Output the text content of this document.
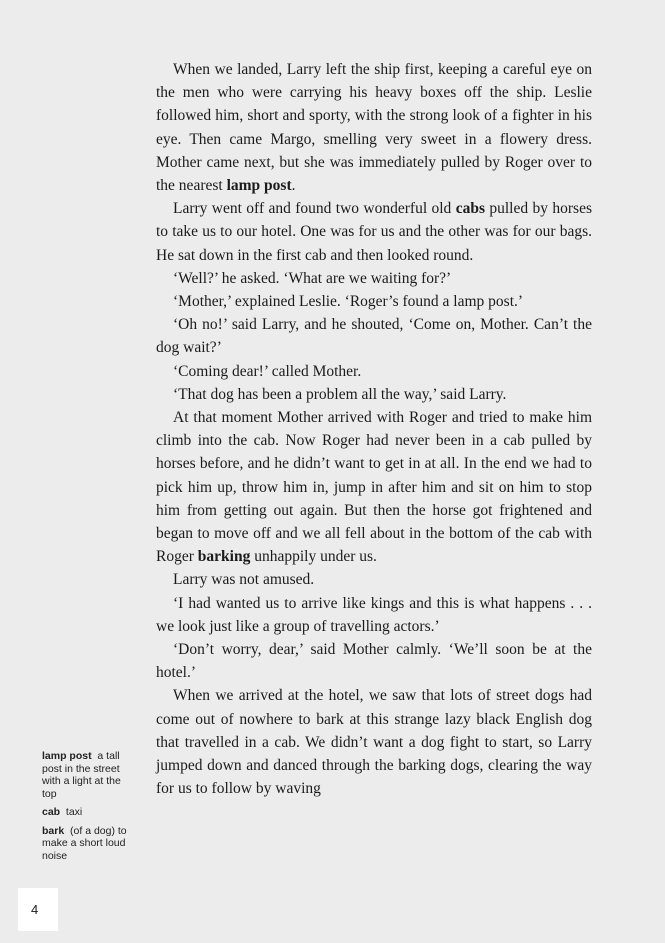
When we landed, Larry left the ship first, keeping a careful eye on the men who were carrying his heavy boxes off the ship. Leslie followed him, short and sporty, with the strong look of a fighter in his eye. Then came Margo, smelling very sweet in a flowery dress. Mother came next, but she was immediately pulled by Roger over to the nearest lamp post.

Larry went off and found two wonderful old cabs pulled by horses to take us to our hotel. One was for us and the other was for our bags. He sat down in the first cab and then looked round.

‘Well?’ he asked. ‘What are we waiting for?’

‘Mother,’ explained Leslie. ‘Roger’s found a lamp post.’

‘Oh no!’ said Larry, and he shouted, ‘Come on, Mother. Can’t the dog wait?’

‘Coming dear!’ called Mother.

‘That dog has been a problem all the way,’ said Larry.

At that moment Mother arrived with Roger and tried to make him climb into the cab. Now Roger had never been in a cab pulled by horses before, and he didn’t want to get in at all. In the end we had to pick him up, throw him in, jump in after him and sit on him to stop him from getting out again. But then the horse got frightened and began to move off and we all fell about in the bottom of the cab with Roger barking unhappily under us.

Larry was not amused.

‘I had wanted us to arrive like kings and this is what happens . . . we look just like a group of travelling actors.’

‘Don’t worry, dear,’ said Mother calmly. ‘We’ll soon be at the hotel.’

When we arrived at the hotel, we saw that lots of street dogs had come out of nowhere to bark at this strange lazy black English dog that travelled in a cab. We didn’t want a dog fight to start, so Larry jumped down and danced through the barking dogs, clearing the way for us to follow by waving

lamp post  a tall post in the street with a light at the top
cab  taxi
bark  (of a dog) to make a short loud noise
4
